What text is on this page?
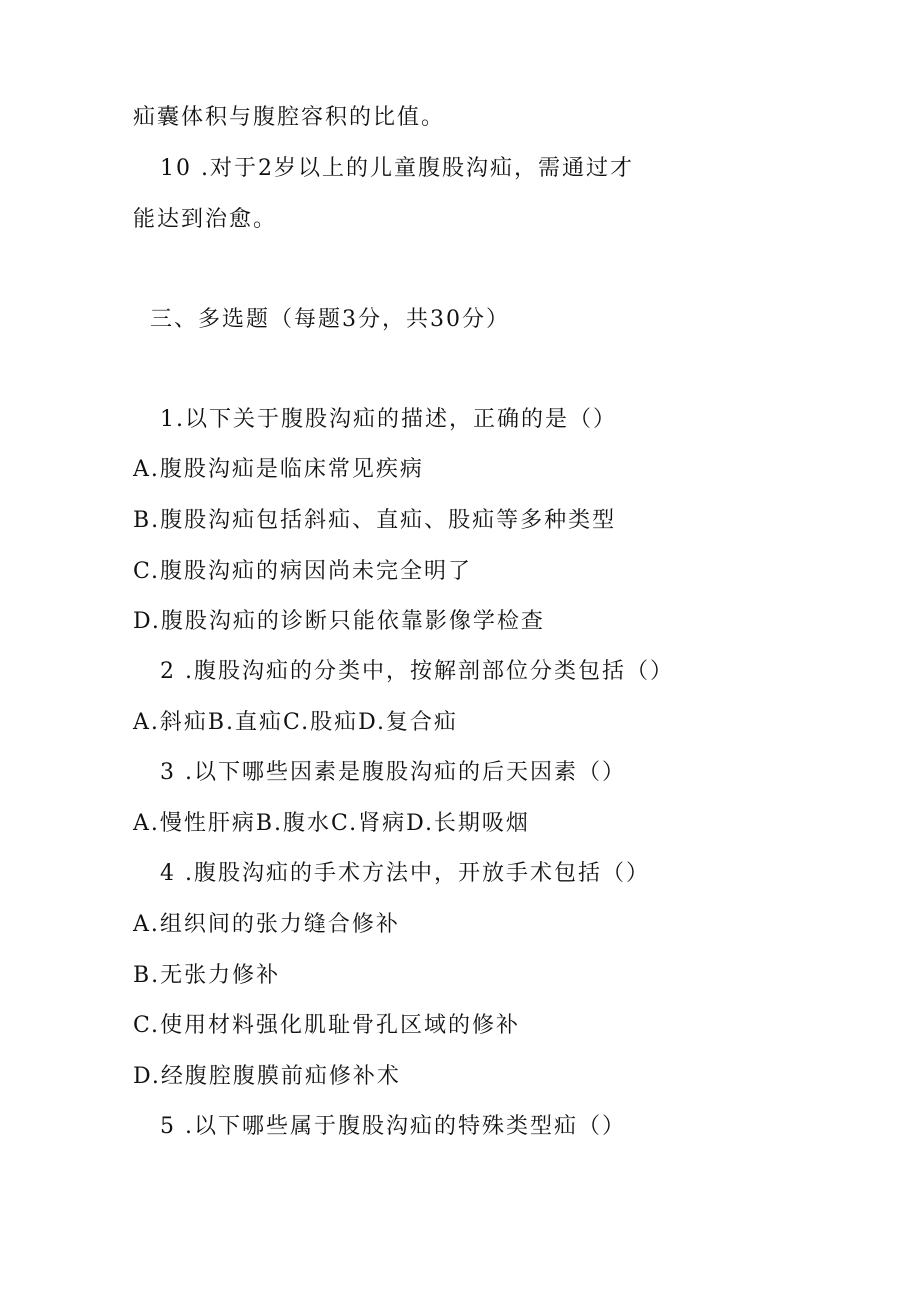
疝囊体积与腹腔容积的比值。

10 .对于2岁以上的儿童腹股沟疝，需通过才

能达到治愈。

三、多选题（每题3分，共30分）

1.以下关于腹股沟疝的描述，正确的是（）

A.腹股沟疝是临床常见疾病

B.腹股沟疝包括斜疝、直疝、股疝等多种类型

C.腹股沟疝的病因尚未完全明了

D.腹股沟疝的诊断只能依靠影像学检查

2 .腹股沟疝的分类中，按解剖部位分类包括（）

A.斜疝B.直疝C.股疝D.复合疝

3 .以下哪些因素是腹股沟疝的后天因素（）

A.慢性肝病B.腹水C.肾病D.长期吸烟

4 .腹股沟疝的手术方法中，开放手术包括（）

A.组织间的张力缝合修补

B.无张力修补

C.使用材料强化肌耻骨孔区域的修补

D.经腹腔腹膜前疝修补术

5 .以下哪些属于腹股沟疝的特殊类型疝（）
